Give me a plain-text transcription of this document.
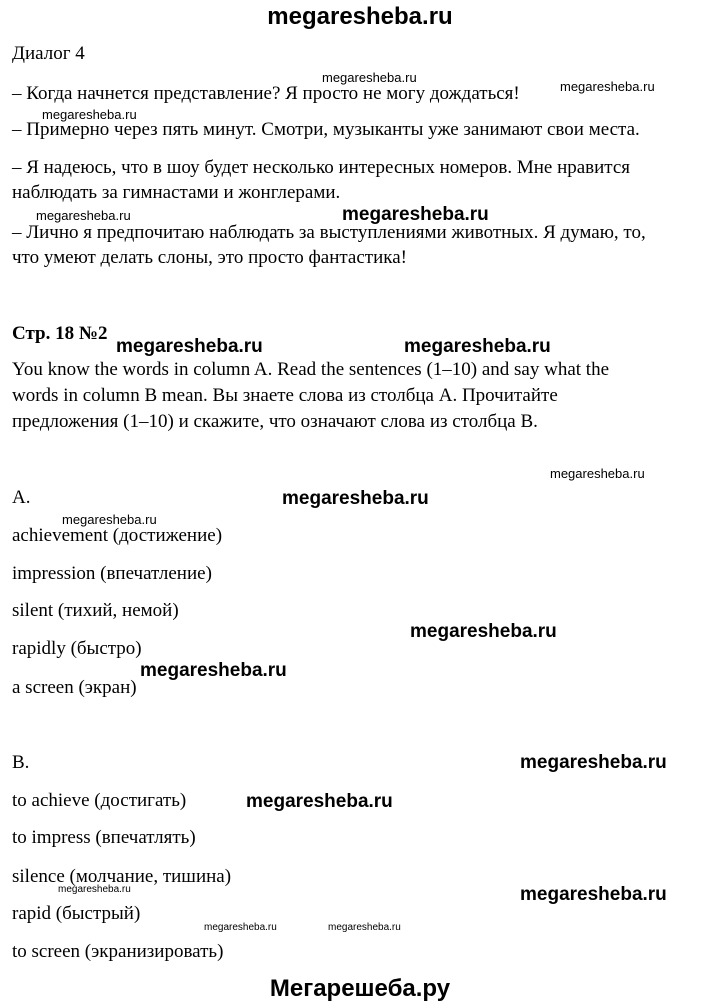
megaresheba.ru
Диалог 4
– Когда начнется представление? Я просто не могу дождаться!
– Примерно через пять минут. Смотри, музыканты уже занимают свои места.
– Я надеюсь, что в шоу будет несколько интересных номеров. Мне нравится
наблюдать за гимнастами и жонглерами.
– Лично я предпочитаю наблюдать за выступлениями животных. Я думаю, то,
что умеют делать слоны, это просто фантастика!
Стр. 18 №2
You know the words in column A. Read the sentences (1–10) and say what the
words in column B mean. Вы знаете слова из столбца А. Прочитайте
предложения (1–10) и скажите, что означают слова из столбца В.
A.
achievement (достижение)
impression (впечатление)
silent (тихий, немой)
rapidly (быстро)
a screen (экран)
B.
to achieve (достигать)
to impress (впечатлять)
silence (молчание, тишина)
rapid (быстрый)
to screen (экранизировать)
megaresheba.ru
megaresheba.ru
megaresheba.ru
megaresheba.ru	megaresheba.ru
megaresheba.ru	megaresheba.ru
megaresheba.ru
megaresheba.ru
megaresheba.ru
megaresheba.ru
megaresheba.ru
megaresheba.ru
megaresheba.ru
megaresheba.ru	megaresheba.ru
megaresheba.ru	megaresheba.ru
Мегарешеба.ру
